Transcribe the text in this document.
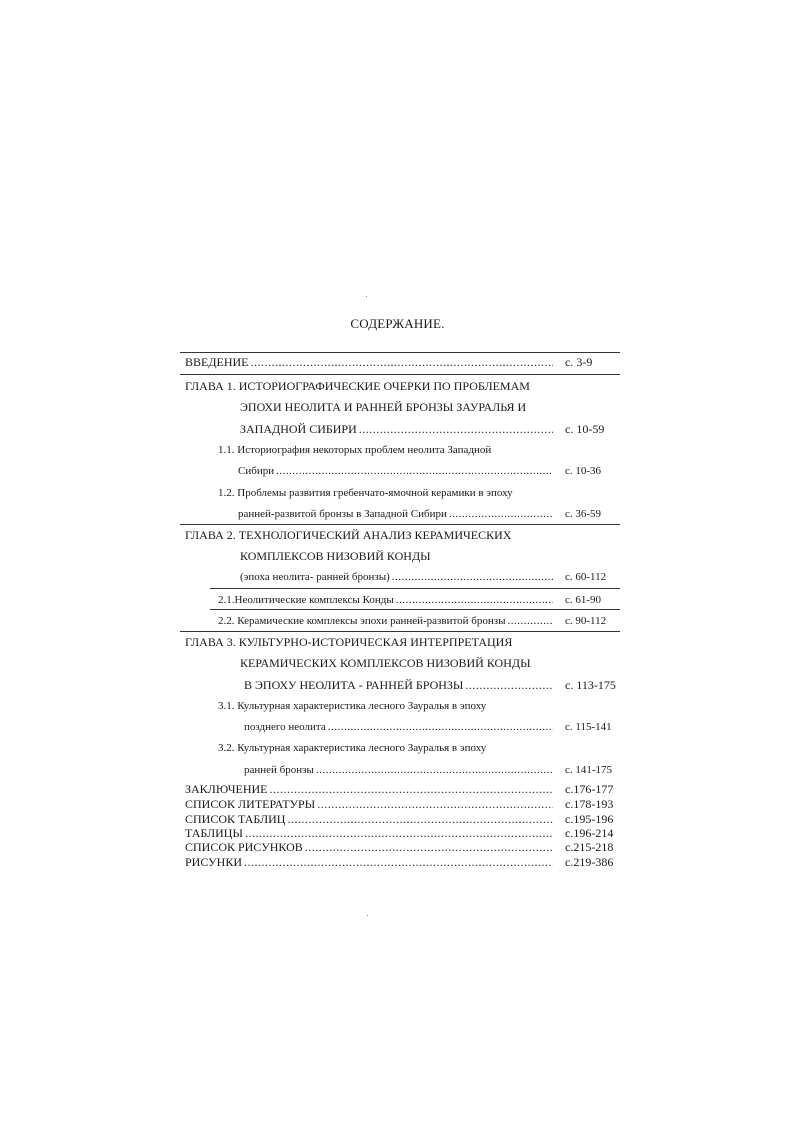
СОДЕРЖАНИЕ.
ВВЕДЕНИЕ .....	с. 3-9
ГЛАВА 1. ИСТОРИОГРАФИЧЕСКИЕ ОЧЕРКИ ПО ПРОБЛЕМАМ
ЭПОХИ НЕОЛИТА И РАННЕЙ БРОНЗЫ ЗАУРАЛЬЯ И
ЗАПАДНОЙ СИБИРИ .....	с. 10-59
1.1. Историография некоторых проблем неолита Западной
Сибири .....	с. 10-36
1.2. Проблемы развития гребенчато-ямочной керамики в эпоху
ранней-развитой бронзы в Западной Сибири .....	с. 36-59
ГЛАВА 2. ТЕХНОЛОГИЧЕСКИЙ АНАЛИЗ КЕРАМИЧЕСКИХ
КОМПЛЕКСОВ НИЗОВИЙ КОНДЫ
(эпоха неолита- ранней бронзы) .....	с. 60-112
2.1.Неолитические комплексы Конды .....	с. 61-90
2.2. Керамические комплексы эпохи ранней-развитой бронзы .....	с. 90-112
ГЛАВА 3. КУЛЬТУРНО-ИСТОРИЧЕСКАЯ ИНТЕРПРЕТАЦИЯ
КЕРАМИЧЕСКИХ КОМПЛЕКСОВ НИЗОВИЙ КОНДЫ
В ЭПОХУ НЕОЛИТА - РАННЕЙ БРОНЗЫ .....	с. 113-175
3.1. Культурная характеристика лесного Зауралья в эпоху
позднего неолита .....	с. 115-141
3.2. Культурная характеристика лесного Зауралья в эпоху
ранней бронзы .....	с. 141-175
ЗАКЛЮЧЕНИЕ .....	с.176-177
СПИСОК ЛИТЕРАТУРЫ .....	с.178-193
СПИСОК ТАБЛИЦ .....	с.195-196
ТАБЛИЦЫ .....	с.196-214
СПИСОК РИСУНКОВ .....	с.215-218
РИСУНКИ .....	с.219-386
